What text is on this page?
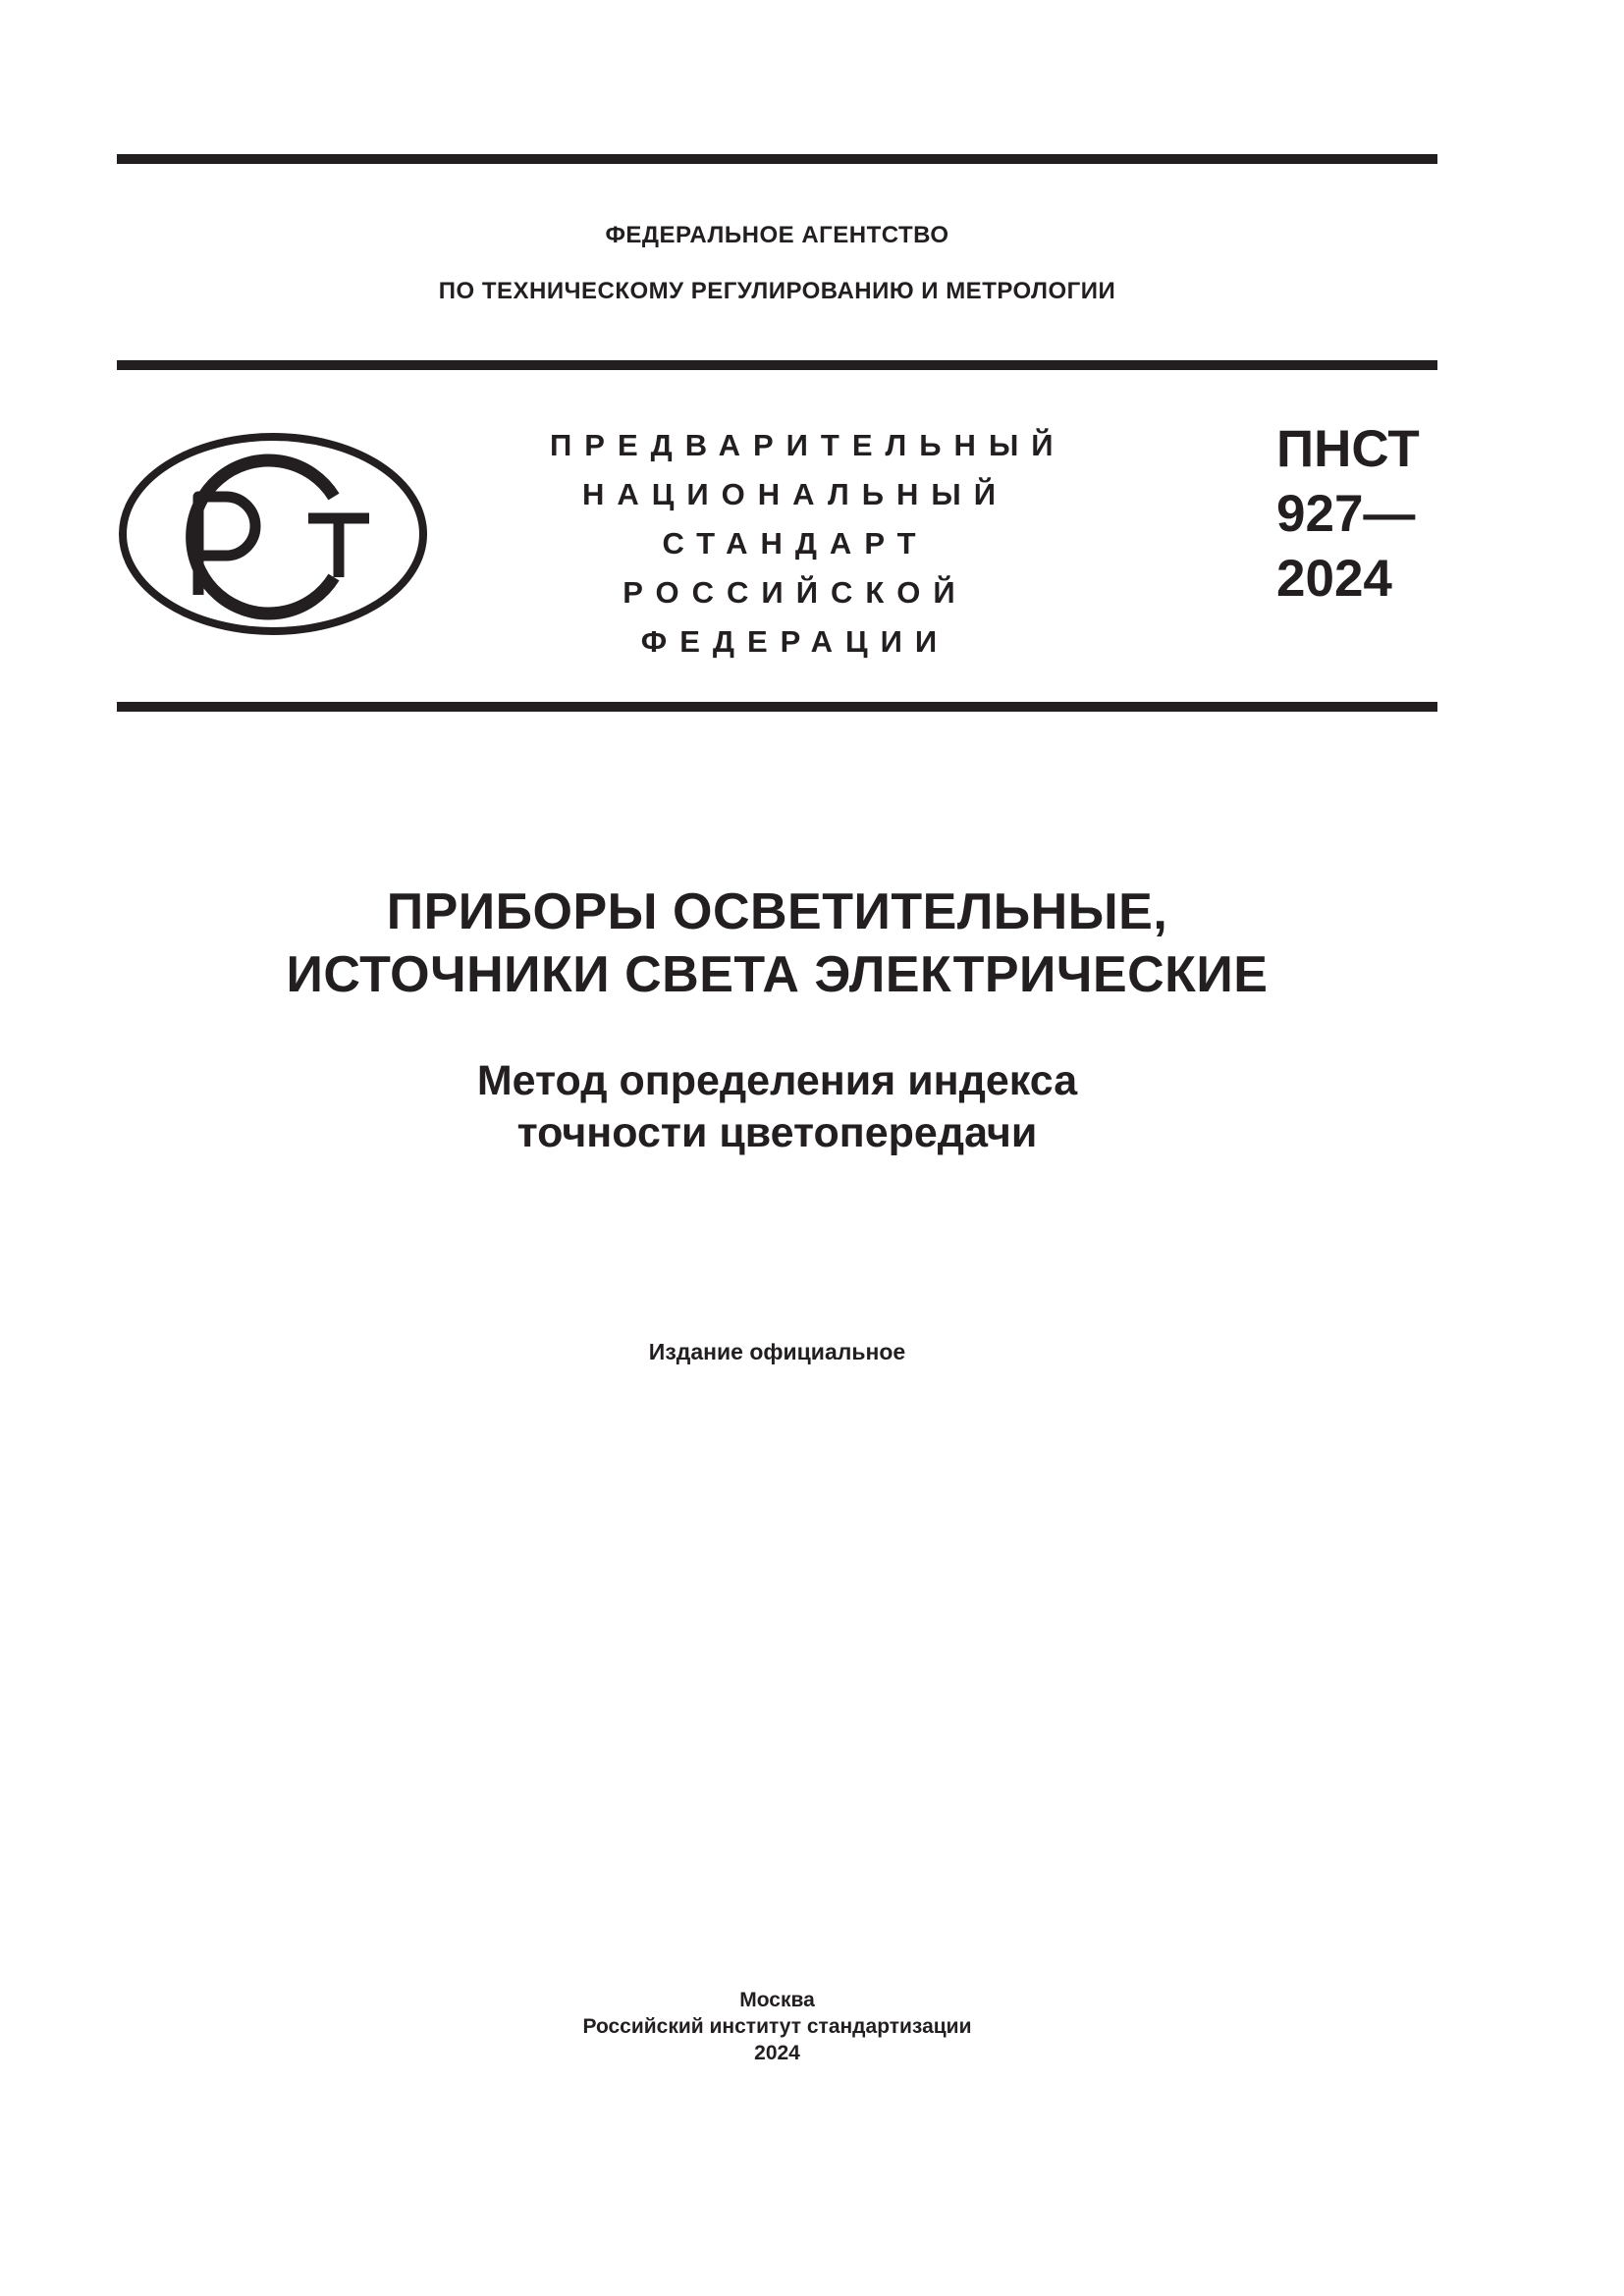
ФЕДЕРАЛЬНОЕ АГЕНТСТВО
ПО ТЕХНИЧЕСКОМУ РЕГУЛИРОВАНИЮ И МЕТРОЛОГИИ
ПРЕДВАРИТЕЛЬНЫЙ
НАЦИОНАЛЬНЫЙ
СТАНДАРТ
РОССИЙСКОЙ
ФЕДЕРАЦИИ
ПНСТ
927—
2024
ПРИБОРЫ ОСВЕТИТЕЛЬНЫЕ,
ИСТОЧНИКИ СВЕТА ЭЛЕКТРИЧЕСКИЕ
Метод определения индекса
точности цветопередачи
Издание официальное
Москва
Российский институт стандартизации
2024
